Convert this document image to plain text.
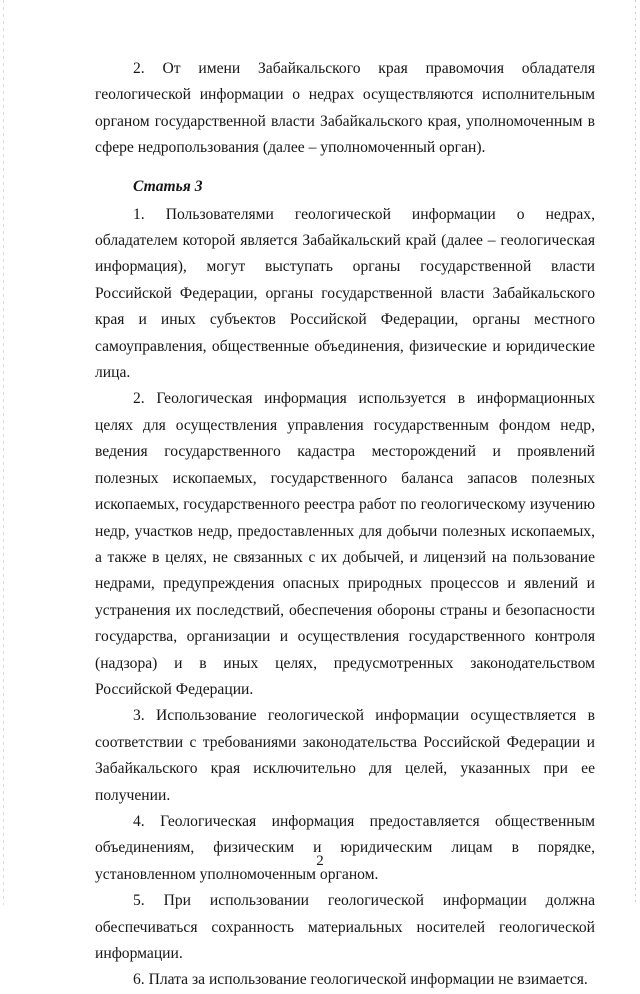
2. От имени Забайкальского края правомочия обладателя геологической информации о недрах осуществляются исполнительным органом государственной власти Забайкальского края, уполномоченным в сфере недропользования (далее – уполномоченный орган).

Статья 3

1. Пользователями геологической информации о недрах, обладателем которой является Забайкальский край (далее – геологическая информация), могут выступать органы государственной власти Российской Федерации, органы государственной власти Забайкальского края и иных субъектов Российской Федерации, органы местного самоуправления, общественные объединения, физические и юридические лица.

2. Геологическая информация используется в информационных целях для осуществления управления государственным фондом недр, ведения государственного кадастра месторождений и проявлений полезных ископаемых, государственного баланса запасов полезных ископаемых, государственного реестра работ по геологическому изучению недр, участков недр, предоставленных для добычи полезных ископаемых, а также в целях, не связанных с их добычей, и лицензий на пользование недрами, предупреждения опасных природных процессов и явлений и устранения их последствий, обеспечения обороны страны и безопасности государства, организации и осуществления государственного контроля (надзора) и в иных целях, предусмотренных законодательством Российской Федерации.

3. Использование геологической информации осуществляется в соответствии с требованиями законодательства Российской Федерации и Забайкальского края исключительно для целей, указанных при ее получении.

4. Геологическая информация предоставляется общественным объединениям, физическим и юридическим лицам в порядке, установленном уполномоченным органом.

5. При использовании геологической информации должна обеспечиваться сохранность материальных носителей геологической информации.

6. Плата за использование геологической информации не взимается.

2
